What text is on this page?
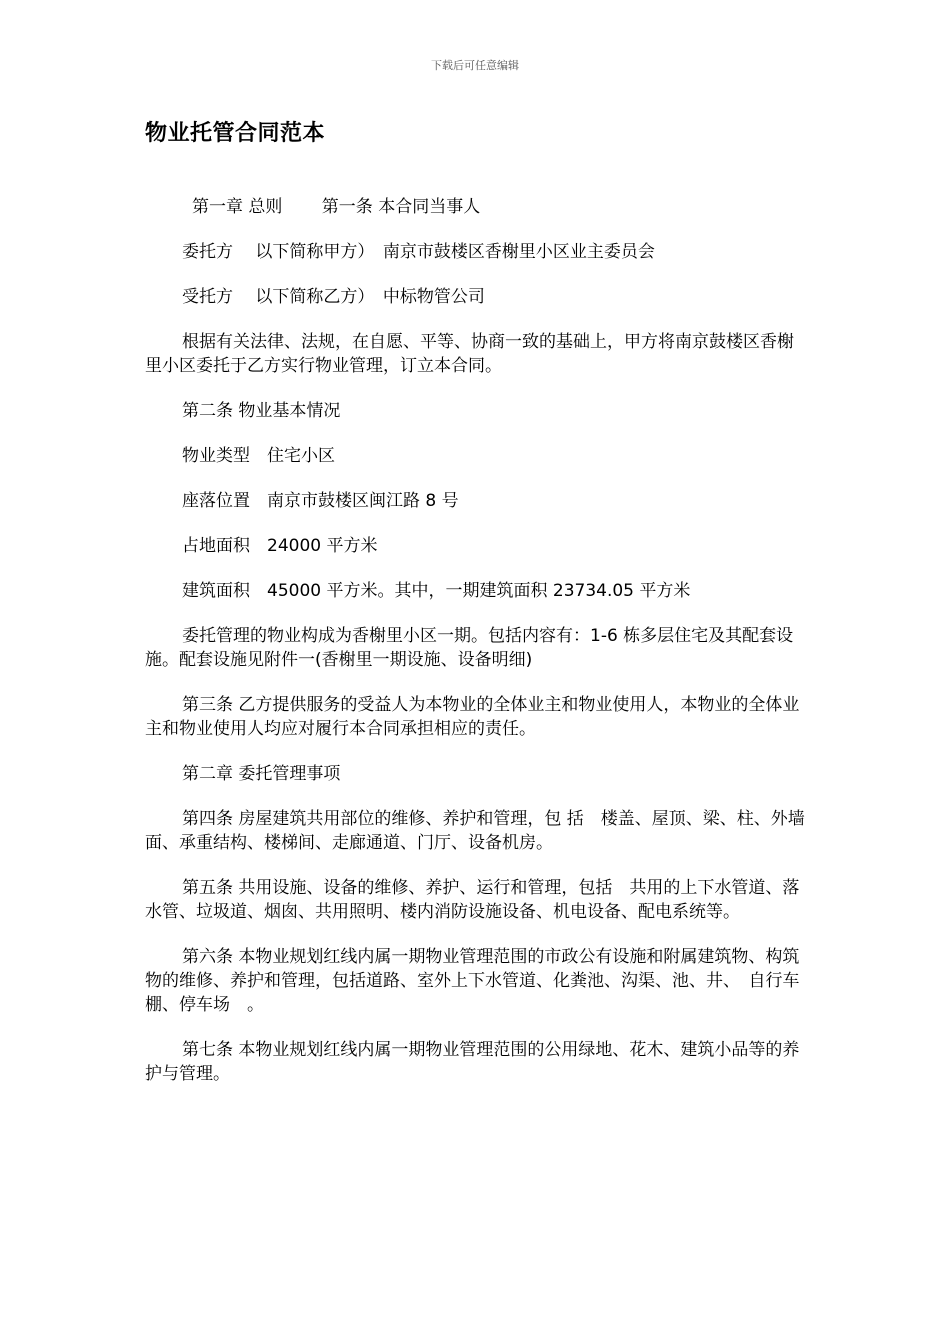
下载后可任意编辑
物业托管合同范本

第一章 总则　　 第一条 本合同当事人

委托方　 以下简称甲方）　南京市鼓楼区香榭里小区业主委员会

受托方　 以下简称乙方）　中标物管公司

根据有关法律、法规，在自愿、平等、协商一致的基础上，甲方将南京鼓楼区香榭里小区委托于乙方实行物业管理，订立本合同。

第二条 物业基本情况

物业类型　住宅小区

座落位置　南京市鼓楼区闽江路 8 号

占地面积　24000 平方米

建筑面积　45000 平方米。其中，一期建筑面积 23734.05 平方米

委托管理的物业构成为香榭里小区一期。包括内容有：1-6 栋多层住宅及其配套设施。配套设施见附件一(香榭里一期设施、设备明细)

第三条 乙方提供服务的受益人为本物业的全体业主和物业使用人，本物业的全体业主和物业使用人均应对履行本合同承担相应的责任。

第二章 委托管理事项

第四条 房屋建筑共用部位的维修、养护和管理，包 括　楼盖、屋顶、梁、柱、外墙面、承重结构、楼梯间、走廊通道、门厅、设备机房。

第五条 共用设施、设备的维修、养护、运行和管理，包括　共用的上下水管道、落水管、垃圾道、烟囱、共用照明、楼内消防设施设备、机电设备、配电系统等。

第六条 本物业规划红线内属一期物业管理范围的市政公有设施和附属建筑物、构筑物的维修、养护和管理，包括道路、室外上下水管道、化粪池、沟渠、池、井、　自行车棚、停车场　。

第七条 本物业规划红线内属一期物业管理范围的公用绿地、花木、建筑小品等的养护与管理。
